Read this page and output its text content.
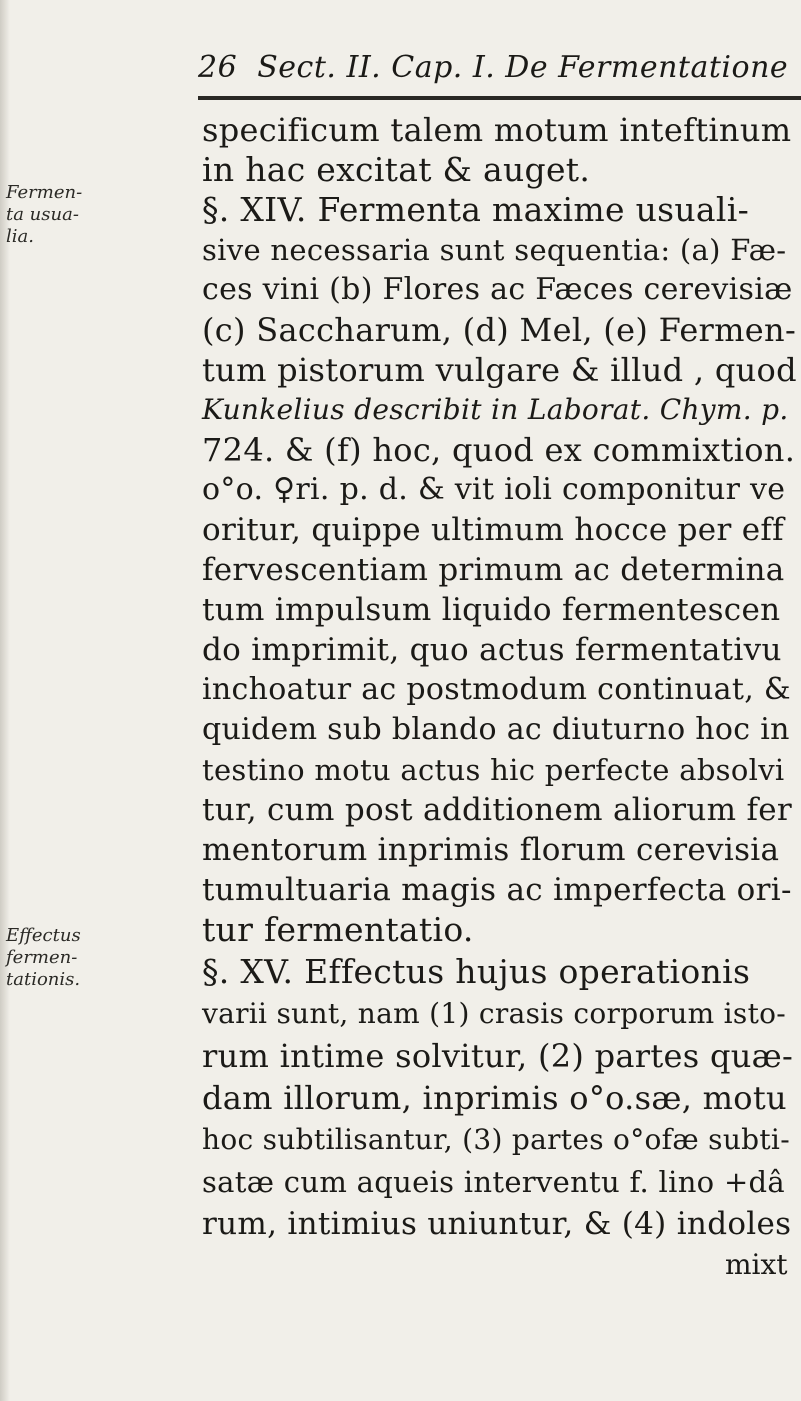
26 Sect. II. Cap. I. De Fermentatione
Fermen-
ta usua-
lia.
Effectus
fermen-
tationis.
specificum talem motum inteftinum
in hac excitat & auget.
§. XIV. Fermenta maxime usuali-
sive necessaria sunt sequentia: (a) Fæ-
ces vini (b) Flores ac Fæces cerevisiæ
(c) Saccharum, (d) Mel, (e) Fermen-
tum pistorum vulgare & illud , quod
Kunkelius describit in Laborat. Chym. p.
724. & (f) hoc, quod ex commixtion.
o°o. ♀ri. p. d. & vit ioli componitur ve
oritur, quippe ultimum hocce per eff
fervescentiam primum ac determina
tum impulsum liquido fermentescen
do imprimit, quo actus fermentativu
inchoatur ac postmodum continuat, &
quidem sub blando ac diuturno hoc in
testino motu actus hic perfecte absolvi
tur, cum post additionem aliorum fer
mentorum inprimis florum cerevisia
tumultuaria magis ac imperfecta ori-
tur fermentatio.
§. XV. Effectus hujus operationis
varii sunt, nam (1) crasis corporum isto-
rum intime solvitur, (2) partes quæ-
dam illorum, inprimis o°o.sæ, motu
hoc subtilisantur, (3) partes o°ofæ subti-
satæ cum aqueis interventu f. lino +dâ
rum, intimius uniuntur, & (4) indoles
mixt
